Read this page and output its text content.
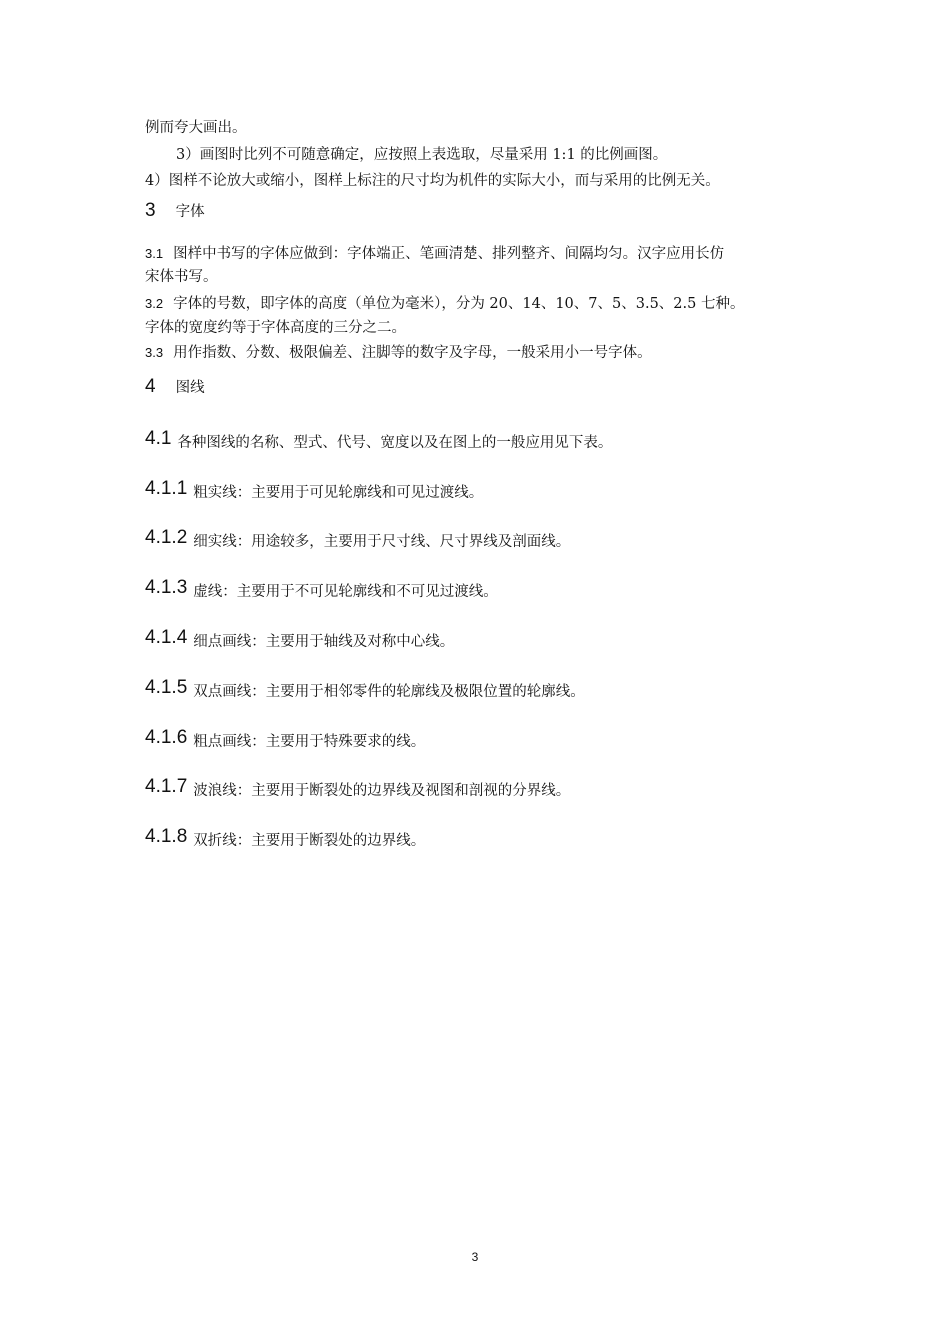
例而夸大画出。
3）画图时比列不可随意确定，应按照上表选取，尽量采用 1:1 的比例画图。
4）图样不论放大或缩小，图样上标注的尺寸均为机件的实际大小，而与采用的比例无关。
3 字体
3.1 图样中书写的字体应做到：字体端正、笔画清楚、排列整齐、间隔均匀。汉字应用长仿
宋体书写。
3.2 字体的号数，即字体的高度（单位为毫米），分为 20、14、10、7、5、3.5、2.5 七种。
字体的宽度约等于字体高度的三分之二。
3.3 用作指数、分数、极限偏差、注脚等的数字及字母，一般采用小一号字体。
4 图线
4.1 各种图线的名称、型式、代号、宽度以及在图上的一般应用见下表。
4.1.1 粗实线：主要用于可见轮廓线和可见过渡线。
4.1.2 细实线：用途较多，主要用于尺寸线、尺寸界线及剖面线。
4.1.3 虚线：主要用于不可见轮廓线和不可见过渡线。
4.1.4 细点画线：主要用于轴线及对称中心线。
4.1.5 双点画线：主要用于相邻零件的轮廓线及极限位置的轮廓线。
4.1.6 粗点画线：主要用于特殊要求的线。
4.1.7 波浪线：主要用于断裂处的边界线及视图和剖视的分界线。
4.1.8 双折线：主要用于断裂处的边界线。
3
